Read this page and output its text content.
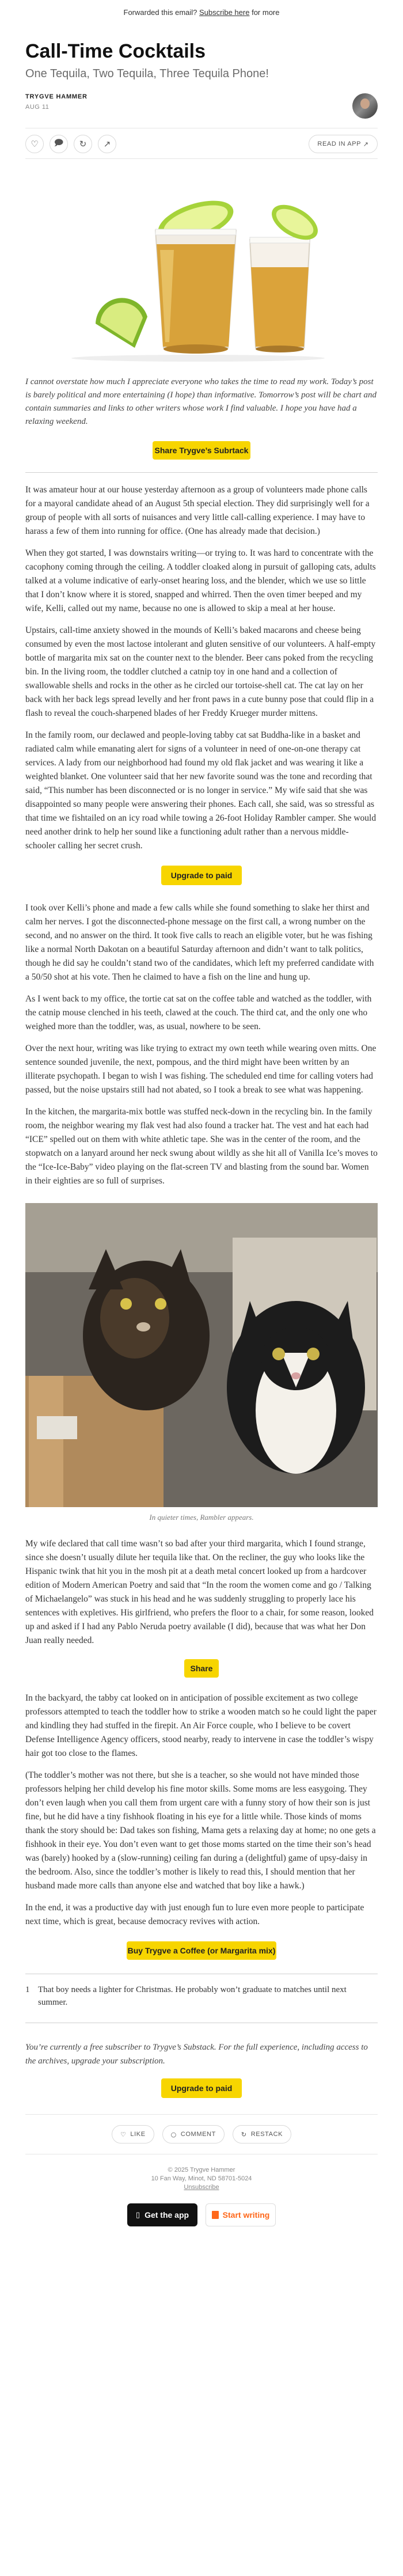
Forwarded this email? Subscribe here for more
Call-Time Cocktails
One Tequila, Two Tequila, Three Tequila Phone!
TRYGVE HAMMER
AUG 11
♡	🗩	↻	↗	READ IN APP
↗

I cannot overstate how much I appreciate everyone who takes the time to read my work. Today’s post is barely political and more entertaining (I hope) than informative. Tomorrow’s post will be chart and contain summaries and links to other writers whose work I find valuable. I hope you have had a relaxing weekend.

Share Trygve’s Subrtack

It was amateur hour at our house yesterday afternoon as a group of volunteers made phone calls for a mayoral candidate ahead of an August 5th special election. They did surprisingly well for a group of people with all sorts of nuisances and very little call-calling experience. I may have to harass a few of them into running for office. (One has already made that decision.)

When they got started, I was downstairs writing—or trying to. It was hard to concentrate with the cacophony coming through the ceiling. A toddler cloaked along in pursuit of galloping cats, adults talked at a volume indicative of early-onset hearing loss, and the blender, which we use so little that I don’t know where it is stored, snapped and whirred. Then the oven timer beeped and my wife, Kelli, called out my name, because no one is allowed to skip a meal at her house.

Upstairs, call-time anxiety showed in the mounds of Kelli’s baked macarons and cheese being consumed by even the most lactose intolerant and gluten sensitive of our volunteers. A half-empty bottle of margarita mix sat on the counter next to the blender. Beer cans poked from the recycling bin. In the living room, the toddler clutched a catnip toy in one hand and a collection of swallowable shells and rocks in the other as he circled our tortoise-shell cat. The cat lay on her back with her back legs spread levelly and her front paws in a cute bunny pose that could flip in a flash to reveal the couch-sharpened blades of her Freddy Krueger murder mittens.

In the family room, our declawed and people-loving tabby cat sat Buddha-like in a basket and radiated calm while emanating alert for signs of a volunteer in need of one-on-one therapy cat services. A lady from our neighborhood had found my old flak jacket and was wearing it like a weighted blanket. One volunteer said that her new favorite sound was the tone and recording that said, “This number has been disconnected or is no longer in service.” My wife said that she was disappointed so many people were answering their phones. Each call, she said, was so stressful as that time we fishtailed on an icy road while towing a 26-foot Holiday Rambler camper. She would need another drink to help her sound like a functioning adult rather than a nervous middle-schooler calling her secret crush.

Upgrade to paid

I took over Kelli’s phone and made a few calls while she found something to slake her thirst and calm her nerves. I got the disconnected-phone message on the first call, a wrong number on the second, and no answer on the third. It took five calls to reach an eligible voter, but he was fishing like a normal North Dakotan on a beautiful Saturday afternoon and didn’t want to talk politics, though he did say he couldn’t stand two of the candidates, which left my preferred candidate with a 50/50 shot at his vote. Then he claimed to have a fish on the line and hung up.

As I went back to my office, the tortie cat sat on the coffee table and watched as the toddler, with the catnip mouse clenched in his teeth, clawed at the couch. The third cat, and the only one who weighed more than the toddler, was, as usual, nowhere to be seen.

Over the next hour, writing was like trying to extract my own teeth while wearing oven mitts. One sentence sounded juvenile, the next, pompous, and the third might have been written by an illiterate psychopath. I began to wish I was fishing. The scheduled end time for calling voters had passed, but the noise upstairs still had not abated, so I took a break to see what was happening.

In the kitchen, the margarita-mix bottle was stuffed neck-down in the recycling bin. In the family room, the neighbor wearing my flak vest had also found a tracker hat. The vest and hat each had “ICE” spelled out on them with white athletic tape. She was in the center of the room, and the stopwatch on a lanyard around her neck swung about wildly as she hit all of Vanilla Ice’s moves to the “Ice-Ice-Baby” video playing on the flat-screen TV and blasting from the sound bar. Women in their eighties are so full of surprises.

In quieter times, Rambler appears.

My wife declared that call time wasn’t so bad after your third margarita, which I found strange, since she doesn’t usually dilute her tequila like that. On the recliner, the guy who looks like the Hispanic twink that hit you in the mosh pit at a death metal concert looked up from a hardcover edition of Modern American Poetry and said that “In the room the women come and go / Talking of Michaelangelo” was stuck in his head and he was suddenly struggling to properly lace his sentences with expletives. His girlfriend, who prefers the floor to a chair, for some reason, looked up and asked if I had any Pablo Neruda poetry available (I did), because that was what her Don Juan really needed.

Share

In the backyard, the tabby cat looked on in anticipation of possible excitement as two college professors attempted to teach the toddler how to strike a wooden match so he could light the paper and kindling they had stuffed in the firepit. An Air Force couple, who I believe to be covert Defense Intelligence Agency officers, stood nearby, ready to intervene in case the toddler’s wispy hair got too close to the flames.

(The toddler’s mother was not there, but she is a teacher, so she would not have minded those professors helping her child develop his fine motor skills. Some moms are less easygoing. They don’t even laugh when you call them from urgent care with a funny story of how their son is just fine, but he did have a tiny fishhook floating in his eye for a little while. Those kinds of moms thank the story should be: Dad takes son fishing, Mama gets a relaxing day at home; no one gets a fishhook in their eye. You don’t even want to get those moms started on the time their son’s head was (barely) hooked by a (slow-running) ceiling fan during a (delightful) game of upsy-daisy in the bedroom. Also, since the toddler’s mother is likely to read this, I should mention that her husband made more calls than anyone else and watched that boy like a hawk.)

In the end, it was a productive day with just enough fun to lure even more people to participate next time, which is great, because democracy revives with action.

Buy Trygve a Coffee (or Margarita mix)
1 That boy needs a lighter for Christmas. He probably won’t graduate to matches until next summer.

You’re currently a free subscriber to Trygve’s Substack. For the full experience, including access to the archives, upgrade your subscription.

Upgrade to paid
♡ LIKE	○ COMMENT	↻ RESTACK
© 2025 Trygve Hammer
10 Fan Way, Minot, ND 58701-5024
Unsubscribe
▯ Get the app	Start writing
